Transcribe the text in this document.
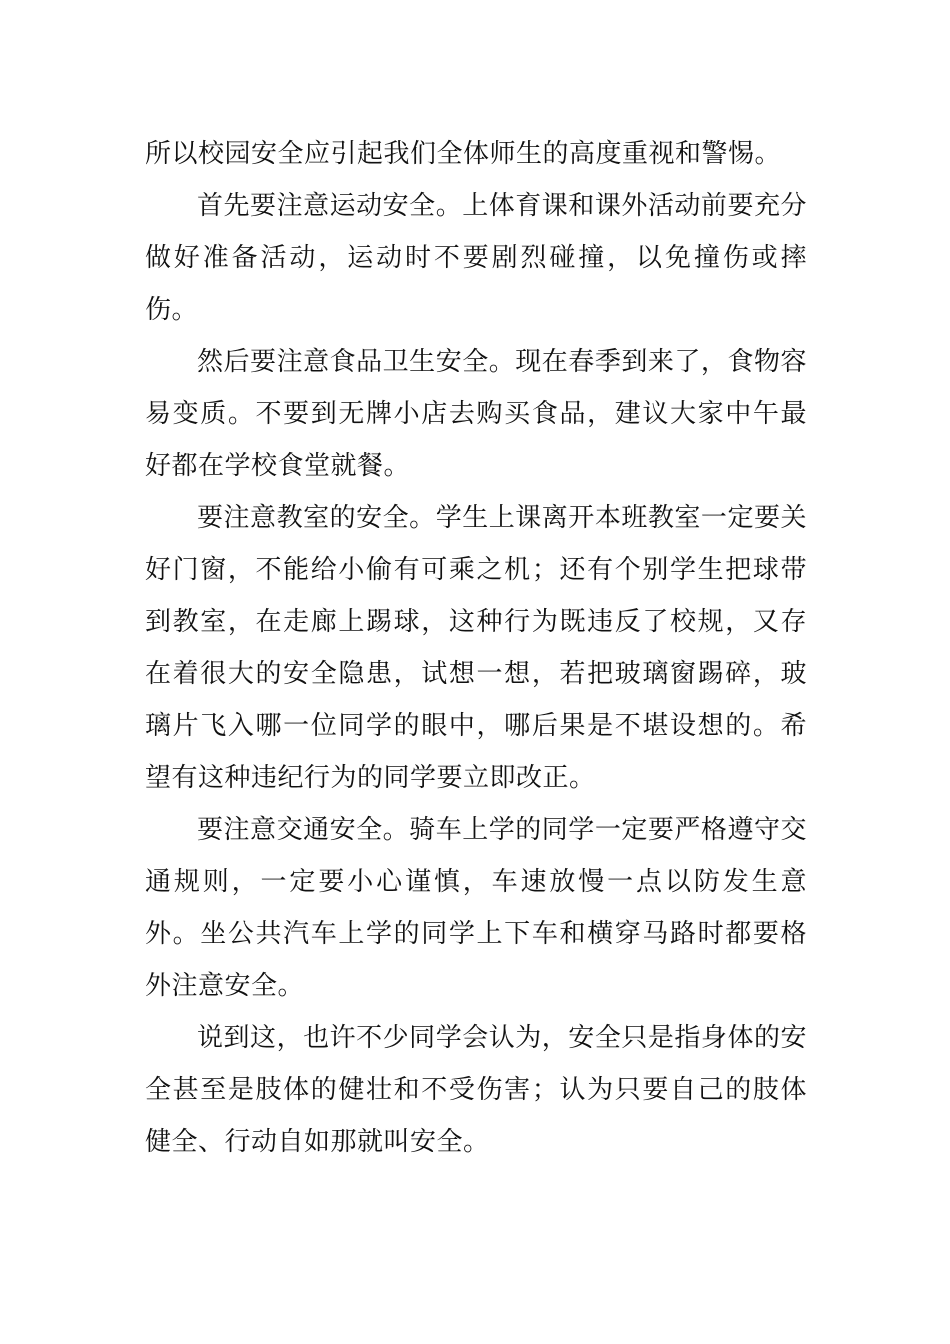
所以校园安全应引起我们全体师生的高度重视和警惕。

首先要注意运动安全。上体育课和课外活动前要充分做好准备活动，运动时不要剧烈碰撞，以免撞伤或摔伤。

然后要注意食品卫生安全。现在春季到来了，食物容易变质。不要到无牌小店去购买食品，建议大家中午最好都在学校食堂就餐。

要注意教室的安全。学生上课离开本班教室一定要关好门窗，不能给小偷有可乘之机；还有个别学生把球带到教室，在走廊上踢球，这种行为既违反了校规，又存在着很大的安全隐患，试想一想，若把玻璃窗踢碎，玻璃片飞入哪一位同学的眼中，哪后果是不堪设想的。希望有这种违纪行为的同学要立即改正。

要注意交通安全。骑车上学的同学一定要严格遵守交通规则，一定要小心谨慎，车速放慢一点以防发生意外。坐公共汽车上学的同学上下车和横穿马路时都要格外注意安全。

说到这，也许不少同学会认为，安全只是指身体的安全甚至是肢体的健壮和不受伤害；认为只要自己的肢体健全、行动自如那就叫安全。
